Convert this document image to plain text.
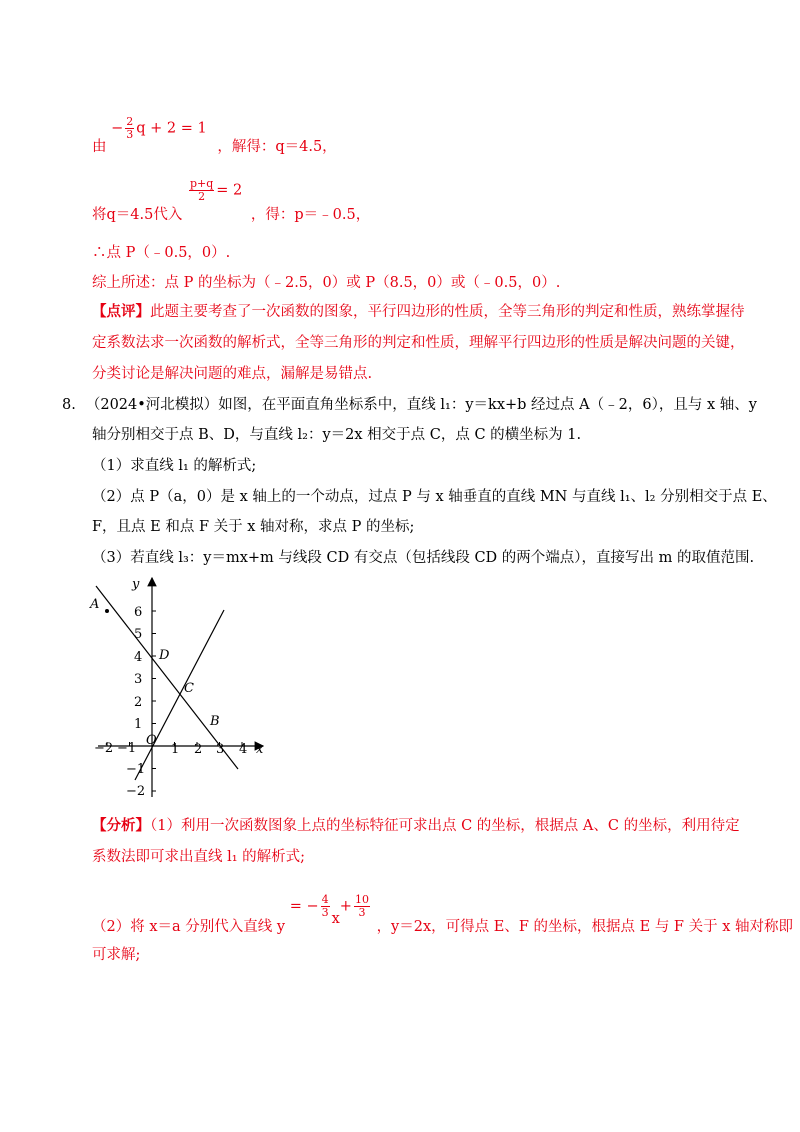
由 − $\frac{2}{3}$ q + 2 = 1 ，解得：q＝4.5，
将q＝4.5代入
$\frac{p+q}{2} = 2$ ，得：p＝﹣0.5，
∴点 P（﹣0.5，0）.
综上所述：点 P 的坐标为（﹣2.5，0）或 P（8.5，0）或（﹣0.5，0）.
【点评】此题主要考查了一次函数的图象，平行四边形的性质，全等三角形的判定和性质，熟练掌握待
定系数法求一次函数的解析式，全等三角形的判定和性质，理解平行四边形的性质是解决问题的关键，
分类讨论是解决问题的难点，漏解是易错点.
8. （2024•河北模拟）如图，在平面直角坐标系中，直线 l₁：y＝kx+b 经过点 A（﹣2，6），且与 x 轴、y
轴分别相交于点 B、D，与直线 l₂：y＝2x 相交于点 C，点 C 的横坐标为 1.
（1）求直线 l₁ 的解析式;
（2）点 P（a，0）是 x 轴上的一个动点，过点 P 与 x 轴垂直的直线 MN 与直线 l₁、l₂ 分别相交于点 E、
F，且点 E 和点 F 关于 x 轴对称，求点 P 的坐标;
（3）若直线 l₃：y＝mx+m 与线段 CD 有交点（包括线段 CD 的两个端点），直接写出 m 的取值范围.
y
x
O
A
B
C
D
6
5
4
3
2
1
−1
−2
−2 −1	1 2 3 4
【分析】（1）利用一次函数图象上点的坐标特征可求出点 C 的坐标，根据点 A、C 的坐标，利用待定
系数法即可求出直线 l₁ 的解析式;
（2）将 x＝a 分别代入直线 y = − $\frac{4}{3} x+ \frac{10}{3}$
，y＝2x，可得点 E、F 的坐标，根据点 E 与 F 关于 x 轴对称即
可求解;
